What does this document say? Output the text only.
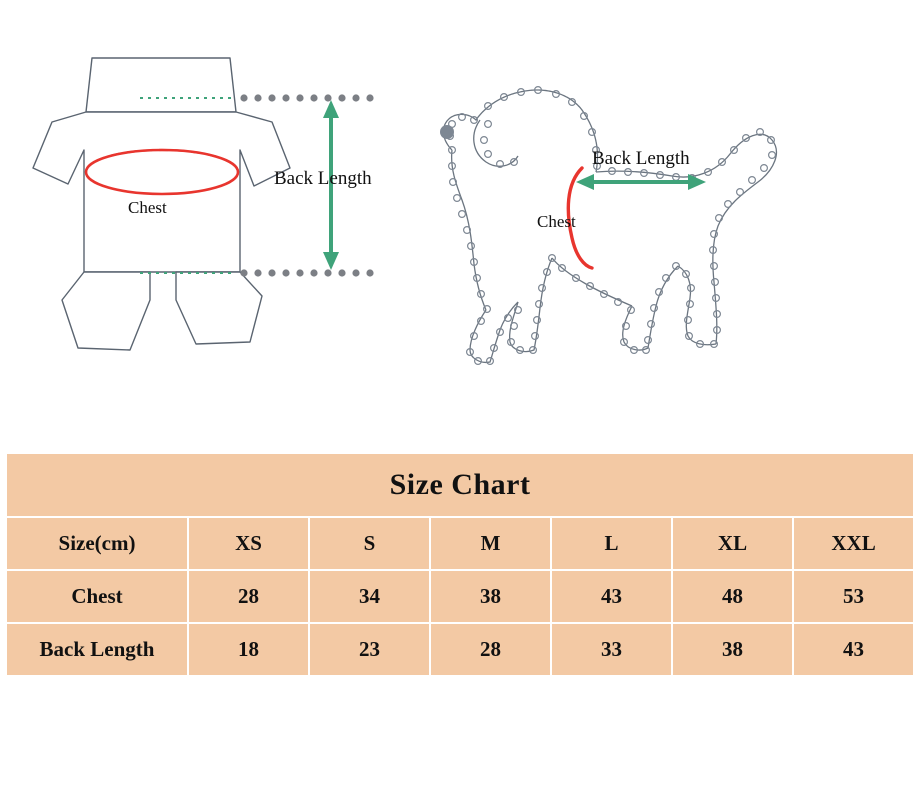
Back Length
Chest
Back Length
Chest
Size Chart						
Size(cm)	XS	S	M	L	XL	XXL
Chest	28	34	38	43	48	53
Back Length	18	23	28	33	38	43
